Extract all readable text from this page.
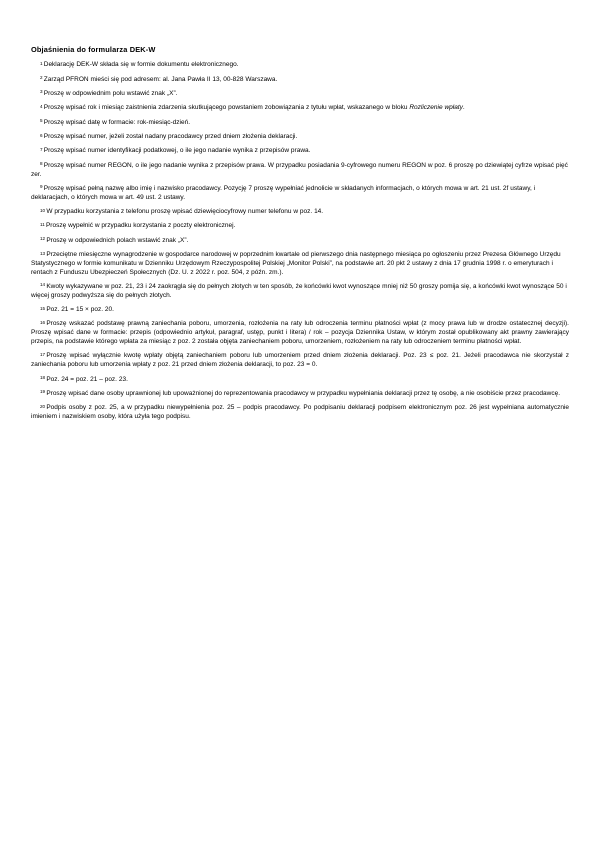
Objaśnienia do formularza DEK-W

$^1$Deklarację DEK-W składa się w formie dokumentu elektronicznego.

$^2$Zarząd PFRON mieści się pod adresem: al. Jana Pawła II 13, 00-828 Warszawa.

$^3$Proszę w odpowiednim polu wstawić znak „X”.

$^4$Proszę wpisać rok i miesiąc zaistnienia zdarzenia skutkującego powstaniem zobowiązania z tytułu wpłat, wskazanego w bloku Rozliczenie wpłaty.

$^5$Proszę wpisać datę w formacie: rok-miesiąc-dzień.

$^6$Proszę wpisać numer, jeżeli został nadany pracodawcy przed dniem złożenia deklaracji.

$^7$Proszę wpisać numer identyfikacji podatkowej, o ile jego nadanie wynika z przepisów prawa.

$^8$Proszę wpisać numer REGON, o ile jego nadanie wynika z przepisów prawa. W przypadku posiadania 9-cyfrowego numeru REGON w poz. 6 proszę po dziewiątej cyfrze wpisać pięć zer.

$^9$Proszę wpisać pełną nazwę albo imię i nazwisko pracodawcy. Pozycję 7 proszę wypełniać jednolicie w składanych informacjach, o których mowa w art. 21 ust. 2f ustawy, i deklaracjach, o których mowa w art. 49 ust. 2 ustawy.

$^{10}$W przypadku korzystania z telefonu proszę wpisać dziewięciocyfrowy numer telefonu w poz. 14.

$^{11}$Proszę wypełnić w przypadku korzystania z poczty elektronicznej.

$^{12}$Proszę w odpowiednich polach wstawić znak „X”.

$^{13}$Przeciętne miesięczne wynagrodzenie w gospodarce narodowej w poprzednim kwartale od pierwszego dnia następnego miesiąca po ogłoszeniu przez Prezesa Głównego Urzędu Statystycznego w formie komunikatu w Dzienniku Urzędowym Rzeczypospolitej Polskiej „Monitor Polski”, na podstawie art. 20 pkt 2 ustawy z dnia 17 grudnia 1998 r. o emeryturach i rentach z Funduszu Ubezpieczeń Społecznych (Dz. U. z 2022 r. poz. 504, z późn. zm.).

$^{14}$Kwoty wykazywane w poz. 21, 23 i 24 zaokrągla się do pełnych złotych w ten sposób, że końcówki kwot wynoszące mniej niż 50 groszy pomija się, a końcówki kwot wynoszące 50 i więcej groszy podwyższa się do pełnych złotych.

$^{15}$Poz. 21 = 15 × poz. 20.

$^{16}$Proszę wskazać podstawę prawną zaniechania poboru, umorzenia, rozłożenia na raty lub odroczenia terminu płatności wpłat (z mocy prawa lub w drodze ostatecznej decyzji). Proszę wpisać dane w formacie: przepis (odpowiednio artykuł, paragraf, ustęp, punkt i litera) / rok – pozycja Dziennika Ustaw, w którym został opublikowany akt prawny zawierający przepis, na podstawie którego wpłata za miesiąc z poz. 2 została objęta zaniechaniem poboru, umorzeniem, rozłożeniem na raty lub odroczeniem terminu płatności wpłat.

$^{17}$Proszę wpisać wyłącznie kwotę wpłaty objętą zaniechaniem poboru lub umorzeniem przed dniem złożenia deklaracji. Poz. 23 ≤ poz. 21. Jeżeli pracodawca nie skorzystał z zaniechania poboru lub umorzenia wpłaty z poz. 21 przed dniem złożenia deklaracji, to poz. 23 = 0.

$^{18}$Poz. 24 = poz. 21 – poz. 23.

$^{19}$Proszę wpisać dane osoby uprawnionej lub upoważnionej do reprezentowania pracodawcy w przypadku wypełniania deklaracji przez tę osobę, a nie osobiście przez pracodawcę.

$^{20}$Podpis osoby z poz. 25, a w przypadku niewypełnienia poz. 25 – podpis pracodawcy. Po podpisaniu deklaracji podpisem elektronicznym poz. 26 jest wypełniana automatycznie imieniem i nazwiskiem osoby, która użyła tego podpisu.
